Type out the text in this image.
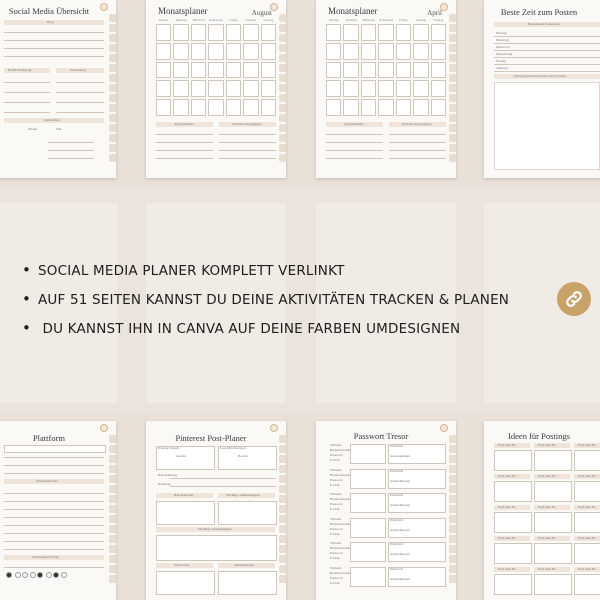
Social Media Übersicht
Blog
Profil Postbelegt	Wochentag
Aktivitäten
Monat	Jahr
Monatsplaner	August
Montag	Dienstag	Mittwoch	Donnerstag	Freitag	Samstag	Sonntag
Aufgabenliste	Notizen/Anregungen
Monatsplaner	April
Montag	Dienstag	Mittwoch	Donnerstag	Freitag	Samstag	Sonntag
Aufgabenliste	Notizen/Anregungen
Beste Zeit zum Posten
Bestehende Postzeiten
Montag
Dienstag
Mittwoch
Donnerstag
Freitag
Samstag
Überwiegende Postzeiten der Woche
• SOCIAL MEDIA PLANER KOMPLETT VERLINKT
• AUF 51 SEITEN KANNST DU DEINE AKTIVITÄTEN TRACKEN & PLANEN
• DU KANNST IHN IN CANVA AUF DEINE FARBEN UMDESIGNEN
Plattform
Überblick/Stats
Verwendete Farben

Pinterest Post-Planer
Posting Datum	Geschäftsbezogen
Anzahl	Boards
Beschreibung
Hashtags
Beschreibung	Wichtige Anmerkungen
Wichtige Anmerkungen
Stichworte	Anmerkungen
Passwort Tresor
Website
Benutzername
Passwort
E-mail
Plattform
Anmerkungen
Website
Benutzername
Passwort
E-mail
Plattform
Anmerkungen
Website
Benutzername
Passwort
E-mail
Plattform
Anmerkungen
Website
Benutzername
Passwort
E-mail
Plattform
Anmerkungen
Website
Benutzername
Passwort
E-mail
Plattform
Anmerkungen
Website
Benutzername
Passwort
E-mail
Plattform
Anmerkungen
Ideen für Postings
Post Idee Nr.	Post Idee Nr.	Post Idee Nr.
Post Idee Nr.	Post Idee Nr.	Post Idee Nr.
Post Idee Nr.	Post Idee Nr.	Post Idee Nr.
Post Idee Nr.	Post Idee Nr.	Post Idee Nr.
Post Idee Nr.	Post Idee Nr.	Post Idee Nr.
